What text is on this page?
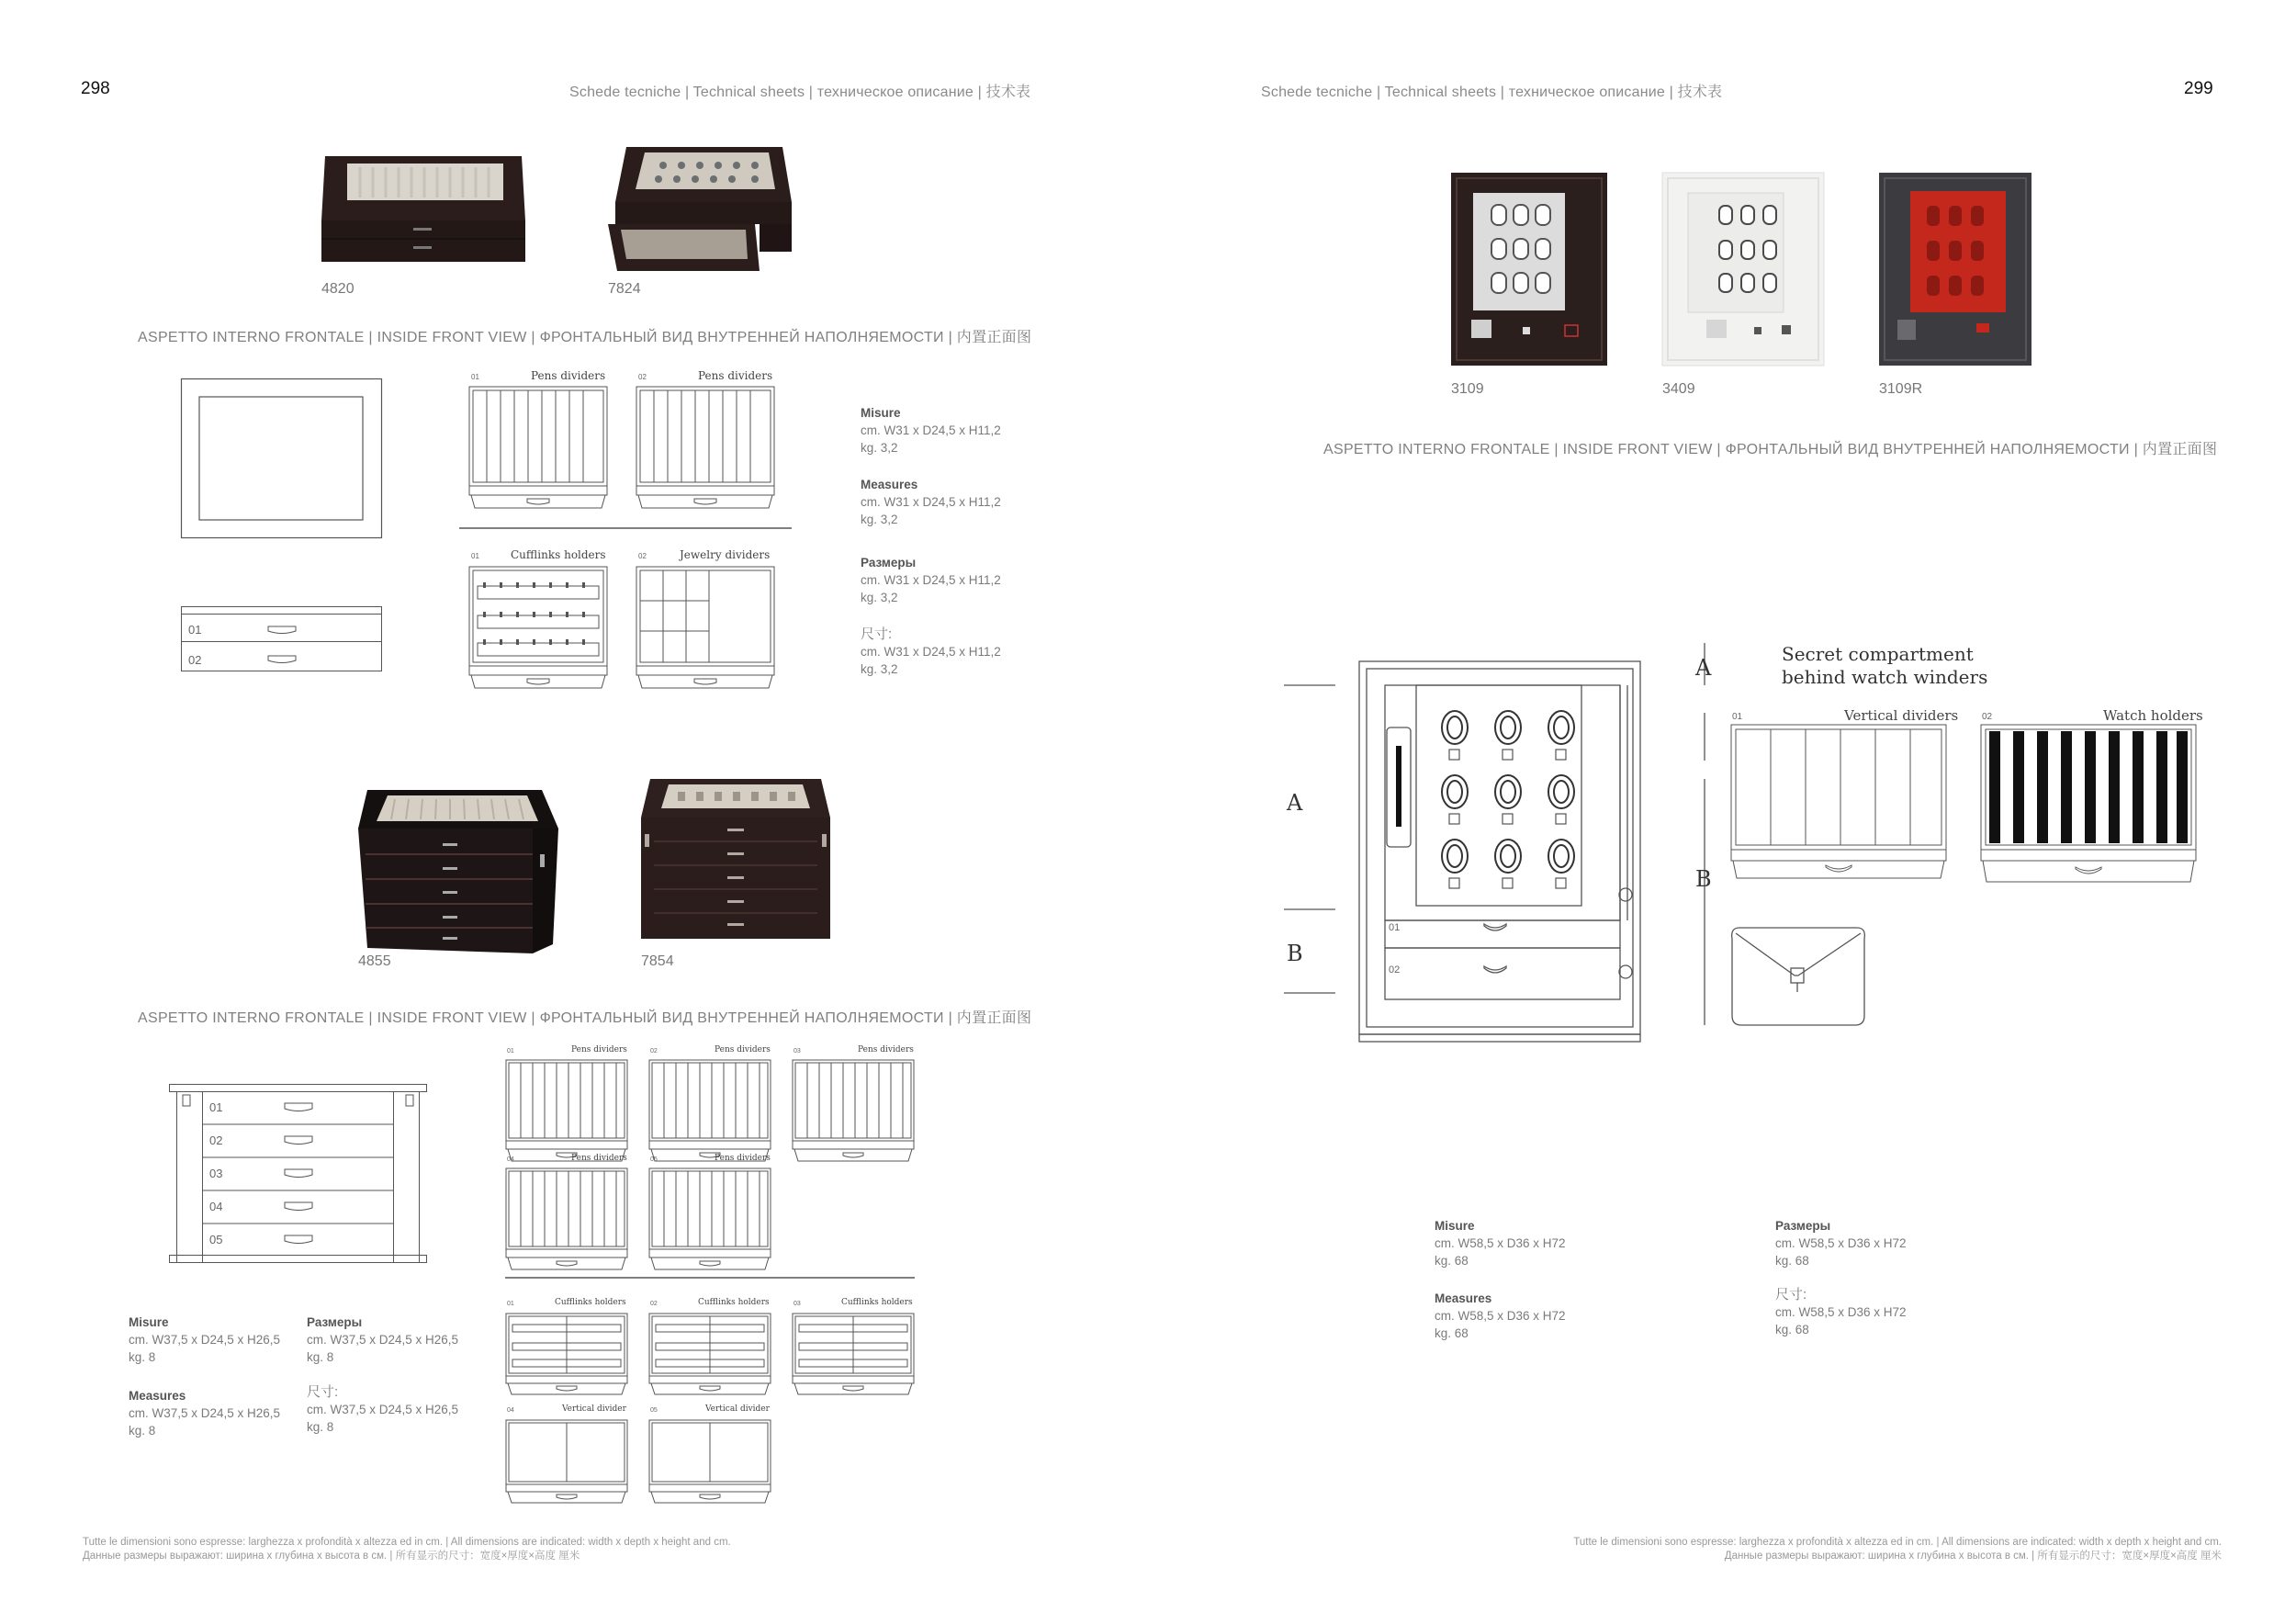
298	Schede tecniche | Technical sheets | техническое описание | 技术表
4820	7824
ASPETTO INTERNO FRONTALE | INSIDE FRONT VIEW | ФРОНТАЛЬНЫЙ ВИД ВНУТРЕННЕЙ НАПОЛНЯЕМОСТИ | 内置正面图
01
02
01	Pens dividers	02	Pens dividers
01	Cufflinks holders	02	Jewelry dividers
Misure
cm. W31 x D24,5 x H11,2
kg. 3,2
Measures
cm. W31 x D24,5 x H11,2
kg. 3,2
Размеры
cm. W31 x D24,5 x H11,2
kg. 3,2
尺寸:
cm. W31 x D24,5 x H11,2
kg. 3,2
4855	7854
ASPETTO INTERNO FRONTALE | INSIDE FRONT VIEW | ФРОНТАЛЬНЫЙ ВИД ВНУТРЕННЕЙ НАПОЛНЯЕМОСТИ | 内置正面图
01
02
03
04
05
01	Pens dividers	02	Pens dividers	03	Pens dividers
04	Pens dividers	05	Pens dividers
01	Cufflinks holders	02	Cufflinks holders	03	Cufflinks holders
04	Vertical divider	05	Vertical divider
Misure
cm. W37,5 x D24,5 x H26,5
kg. 8
Размеры
cm. W37,5 x D24,5 x H26,5
kg. 8
Measures
cm. W37,5 x D24,5 x H26,5
kg. 8
尺寸:
cm. W37,5 x D24,5 x H26,5
kg. 8
Tutte le dimensioni sono espresse: larghezza x profondità x altezza ed in cm. | All dimensions are indicated: width x depth x height and cm.
Данные размеры выражают: ширина x глубина x высота в см. | 所有显示的尺寸：宽度×厚度×高度 厘米
Schede tecniche | Technical sheets | техническое описание | 技术表	299
3109	3409	3109R
ASPETTO INTERNO FRONTALE | INSIDE FRONT VIEW | ФРОНТАЛЬНЫЙ ВИД ВНУТРЕННЕЙ НАПОЛНЯЕМОСТИ | 内置正面图
A
B
A
B
Secret compartment
behind watch winders
01	Vertical dividers	02	Watch holders
01
02
Misure
cm. W58,5 x D36 x H72
kg. 68
Размеры
cm. W58,5 x D36 x H72
kg. 68
Measures
cm. W58,5 x D36 x H72
kg. 68
尺寸:
cm. W58,5 x D36 x H72
kg. 68
Tutte le dimensioni sono espresse: larghezza x profondità x altezza ed in cm. | All dimensions are indicated: width x depth x height and cm.
Данные размеры выражают: ширина x глубина x высота в см. | 所有显示的尺寸：宽度×厚度×高度 厘米
